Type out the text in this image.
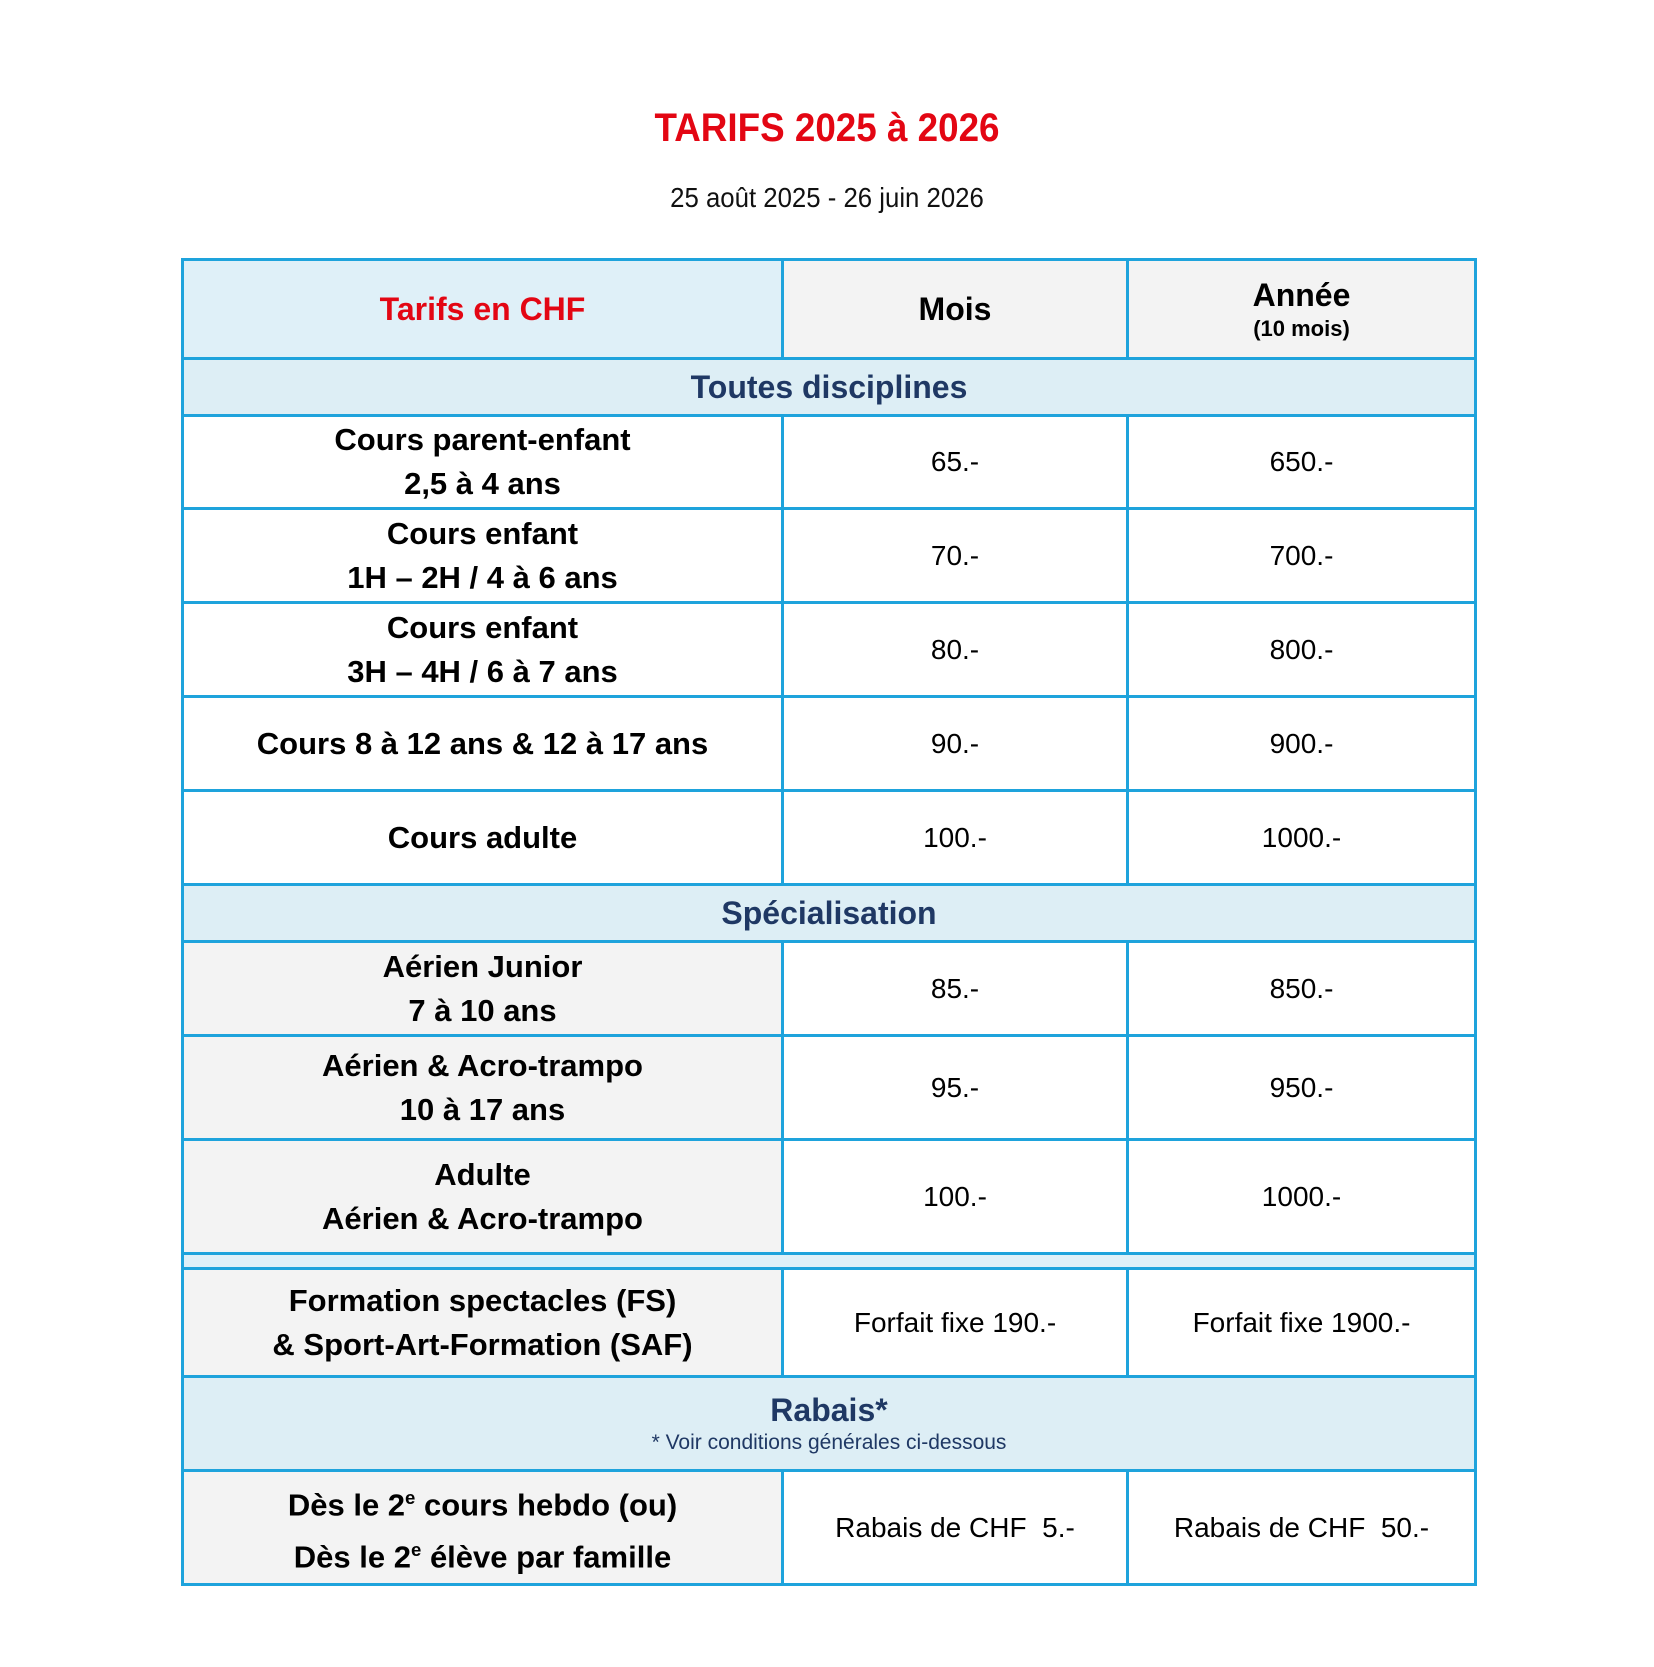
TARIFS 2025 à 2026
25 août 2025 - 26 juin 2026
Tarifs en CHF	Mois	Année
(10 mois)

Toutes disciplines		
Cours parent-enfant
2,5 à 4 ans	65.-	650.-
Cours enfant
1H – 2H / 4 à 6 ans	70.-	700.-
Cours enfant
3H – 4H / 6 à 7 ans	80.-	800.-
Cours 8 à 12 ans & 12 à 17 ans	90.-	900.-
Cours adulte	100.-	1000.-
Spécialisation		
Aérien Junior
7 à 10 ans	85.-	850.-
Aérien & Acro-trampo
10 à 17 ans	95.-	950.-
Adulte
Aérien & Acro-trampo	100.-	1000.-

Formation spectacles (FS)
& Sport-Art-Formation (SAF)	Forfait fixe 190.-	Forfait fixe 1900.-
Rabais*
* Voir conditions générales ci-dessous		

Dès le 2e cours hebdo (ou)
Dès le 2e élève par famille	Rabais de CHF  5.-	Rabais de CHF  50.-
